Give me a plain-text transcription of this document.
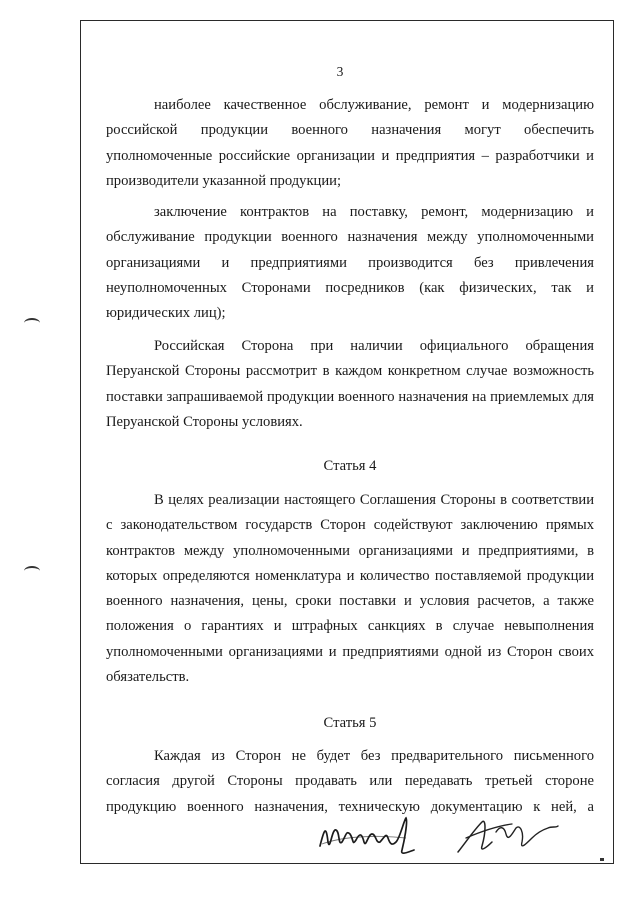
3

наиболее качественное обслуживание, ремонт и модернизацию российской продукции военного назначения могут обеспечить уполномоченные российские организации и предприятия – разработчики и производители указанной продукции;

заключение контрактов на поставку, ремонт, модернизацию и обслуживание продукции военного назначения между уполномоченными организациями и предприятиями производится без привлечения неуполномоченных Сторонами посредников (как физических, так и юридических лиц);

Российская Сторона при наличии официального обращения Перуанской Стороны рассмотрит в каждом конкретном случае возможность поставки запрашиваемой продукции военного назначения на приемлемых для Перуанской Стороны условиях.

Статья 4

В целях реализации настоящего Соглашения Стороны в соответствии с законодательством государств Сторон содействуют заключению прямых контрактов между уполномоченными организациями и предприятиями, в которых определяются номенклатура и количество поставляемой продукции военного назначения, цены, сроки поставки и условия расчетов, а также положения о гарантиях и штрафных санкциях в случае невыполнения уполномоченными организациями и предприятиями одной из Сторон своих обязательств.

Статья 5

Каждая из Сторон не будет без предварительного письменного согласия другой Стороны продавать или передавать третьей стороне продукцию военного назначения, техническую документацию к ней, а
